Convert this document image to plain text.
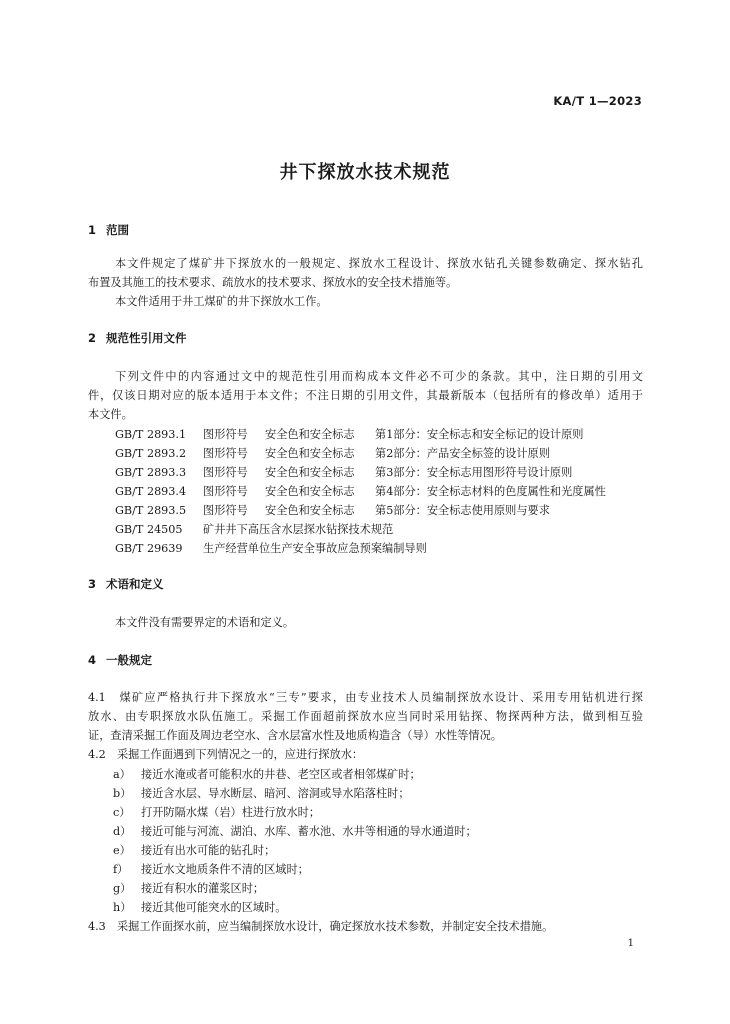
KA/T 1—2023
井下探放水技术规范
1 范围
本文件规定了煤矿井下探放水的一般规定、探放水工程设计、探放水钻孔关键参数确定、探水钻孔
布置及其施工的技术要求、疏放水的技术要求、探放水的安全技术措施等。
本文件适用于井工煤矿的井下探放水工作。
2 规范性引用文件
下列文件中的内容通过文中的规范性引用而构成本文件必不可少的条款。其中，注日期的引用文
件，仅该日期对应的版本适用于本文件；不注日期的引用文件，其最新版本（包括所有的修改单）适用于
本文件。
GB/T 2893.1 图形符号 安全色和安全标志 第1部分：安全标志和安全标记的设计原则
GB/T 2893.2 图形符号 安全色和安全标志 第2部分：产品安全标签的设计原则
GB/T 2893.3 图形符号 安全色和安全标志 第3部分：安全标志用图形符号设计原则
GB/T 2893.4 图形符号 安全色和安全标志 第4部分：安全标志材料的色度属性和光度属性
GB/T 2893.5 图形符号 安全色和安全标志 第5部分：安全标志使用原则与要求
GB/T 24505 矿井井下高压含水层探水钻探技术规范
GB/T 29639 生产经营单位生产安全事故应急预案编制导则
3 术语和定义
本文件没有需要界定的术语和定义。
4 一般规定
4.1　煤矿应严格执行井下探放水“三专”要求，由专业技术人员编制探放水设计、采用专用钻机进行探
放水、由专职探放水队伍施工。采掘工作面超前探放水应当同时采用钻探、物探两种方法，做到相互验
证，查清采掘工作面及周边老空水、含水层富水性及地质构造含（导）水性等情况。
4.2　采掘工作面遇到下列情况之一的，应进行探放水：
a） 接近水淹或者可能积水的井巷、老空区或者相邻煤矿时；
b） 接近含水层、导水断层、暗河、溶洞或导水陷落柱时；
c） 打开防隔水煤（岩）柱进行放水时；
d） 接近可能与河流、湖泊、水库、蓄水池、水井等相通的导水通道时；
e） 接近有出水可能的钻孔时；
f） 接近水文地质条件不清的区域时；
g） 接近有积水的灌浆区时；
h） 接近其他可能突水的区域时。
4.3　采掘工作面探水前，应当编制探放水设计，确定探放水技术参数，并制定安全技术措施。
1
